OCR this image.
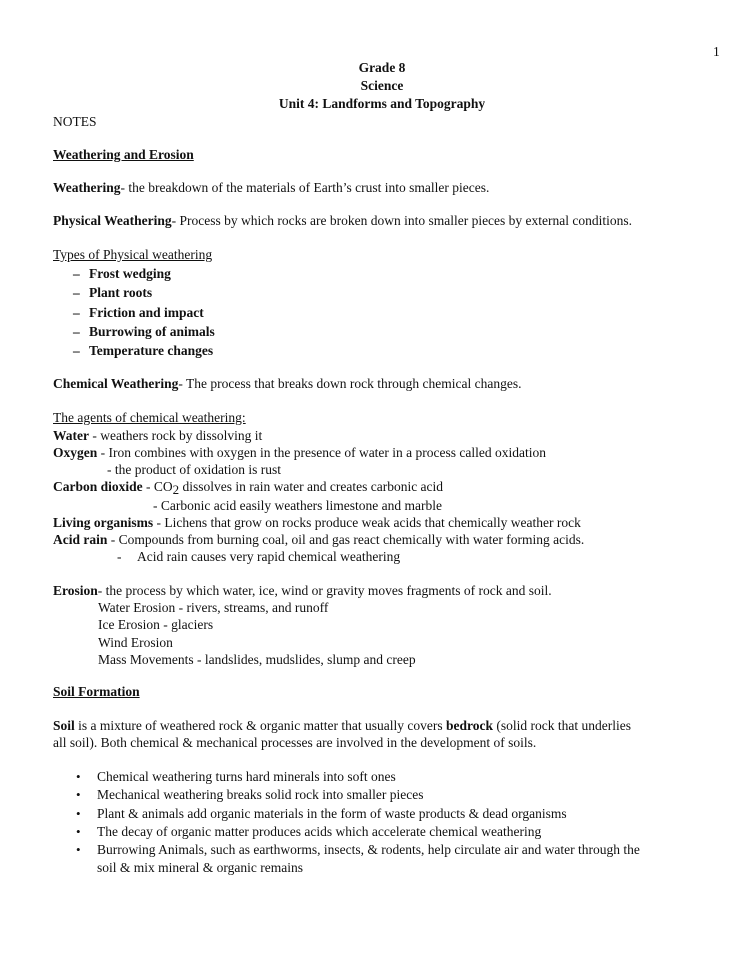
1
Grade 8
Science
Unit 4: Landforms and Topography
NOTES
Weathering and Erosion
Weathering- the breakdown of the materials of Earth’s crust into smaller pieces.
Physical Weathering- Process by which rocks are broken down into smaller pieces by external conditions.
Types of Physical weathering
– Frost wedging
– Plant roots
– Friction and impact
– Burrowing of animals
– Temperature changes
Chemical Weathering- The process that breaks down rock through chemical changes.
The agents of chemical weathering:
Water - weathers rock by dissolving it
Oxygen - Iron combines with oxygen in the presence of water in a process called oxidation
- the product of oxidation is rust
Carbon dioxide - $CO_2$ dissolves in rain water and creates carbonic acid
- Carbonic acid easily weathers limestone and marble
Living organisms - Lichens that grow on rocks produce weak acids that chemically weather rock
Acid rain - Compounds from burning coal, oil and gas react chemically with water forming acids.
- Acid rain causes very rapid chemical weathering
Erosion- the process by which water, ice, wind or gravity moves fragments of rock and soil.
Water Erosion - rivers, streams, and runoff
Ice Erosion - glaciers
Wind Erosion
Mass Movements - landslides, mudslides, slump and creep
Soil Formation
Soil is a mixture of weathered rock & organic matter that usually covers bedrock (solid rock that underlies
all soil). Both chemical & mechanical processes are involved in the development of soils.
• Chemical weathering turns hard minerals into soft ones
• Mechanical weathering breaks solid rock into smaller pieces
• Plant & animals add organic materials in the form of waste products & dead organisms
• The decay of organic matter produces acids which accelerate chemical weathering
• Burrowing Animals, such as earthworms, insects, & rodents, help circulate air and water through the
soil & mix mineral & organic remains
